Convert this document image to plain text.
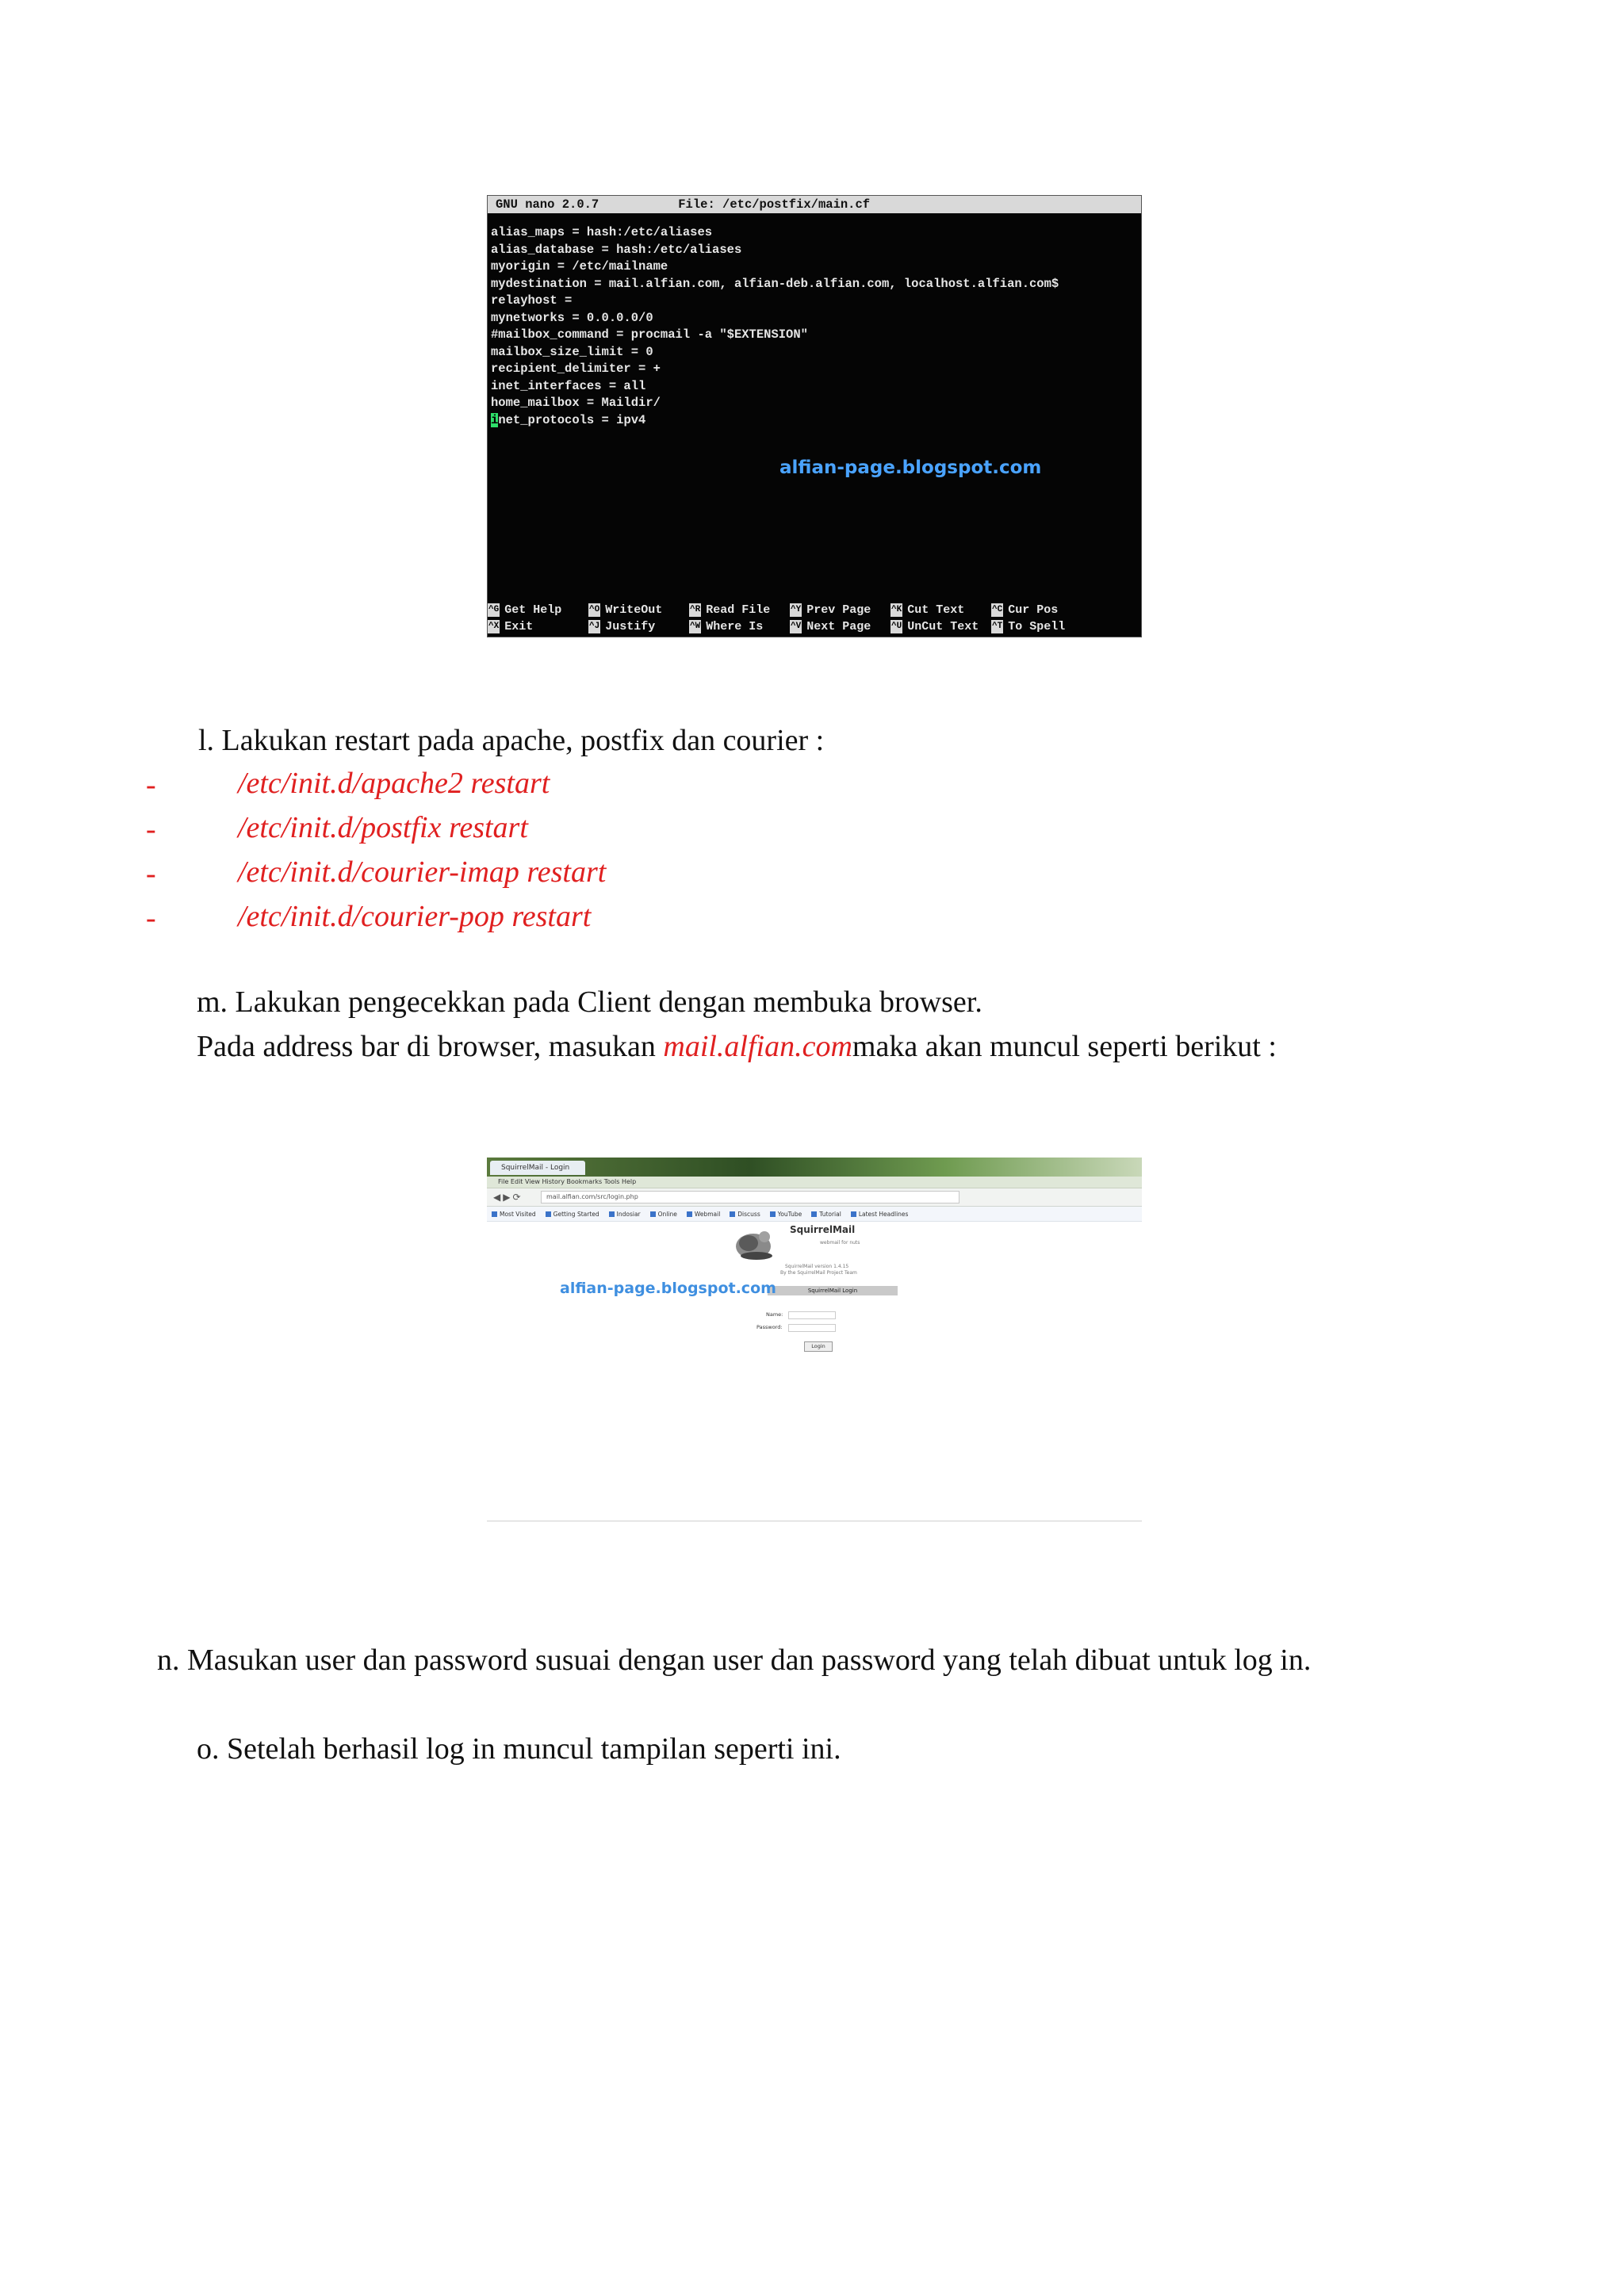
GNU nano 2.0.7	File: /etc/postfix/main.cf
alias_maps = hash:/etc/aliases
alias_database = hash:/etc/aliases
myorigin = /etc/mailname
mydestination = mail.alfian.com, alfian-deb.alfian.com, localhost.alfian.com$
relayhost =
mynetworks = 0.0.0.0/0
#mailbox_command = procmail -a "$EXTENSION"
mailbox_size_limit = 0
recipient_delimiter = +
inet_interfaces = all
home_mailbox = Maildir/
inet_protocols = ipv4
alfian-page.blogspot.com
^G Get Help	^O WriteOut	^R Read File ^Y Prev Page ^K Cut Text	^C Cur Pos
^X Exit	^J Justify	^W Where Is	^V Next Page ^U UnCut Text ^T To Spell
l. Lakukan restart pada apache, postfix dan courier :
-	/etc/init.d/apache2 restart
-	/etc/init.d/postfix restart
-	/etc/init.d/courier-imap restart
-	/etc/init.d/courier-pop restart
m. Lakukan pengecekkan pada Client dengan membuka browser.
Pada address bar di browser, masukan mail.alfian.commaka akan muncul seperti berikut :
SquirrelMail - Login
File Edit View History Bookmarks Tools Help
◀ ▶ ⟳	mail.alfian.com/src/login.php
Most Visited	Getting Started	Indosiar	Online	Webmail	Discuss	YouTube	Tutorial	Latest Headlines
SquirrelMail
webmail for nuts
SquirrelMail version 1.4.15
By the SquirrelMail Project Team
SquirrelMail Login
Name:
Password:
Login
alfian-page.blogspot.com
n. Masukan user dan password susuai dengan user dan password yang telah dibuat untuk log in.
o. Setelah berhasil log in muncul tampilan seperti ini.
